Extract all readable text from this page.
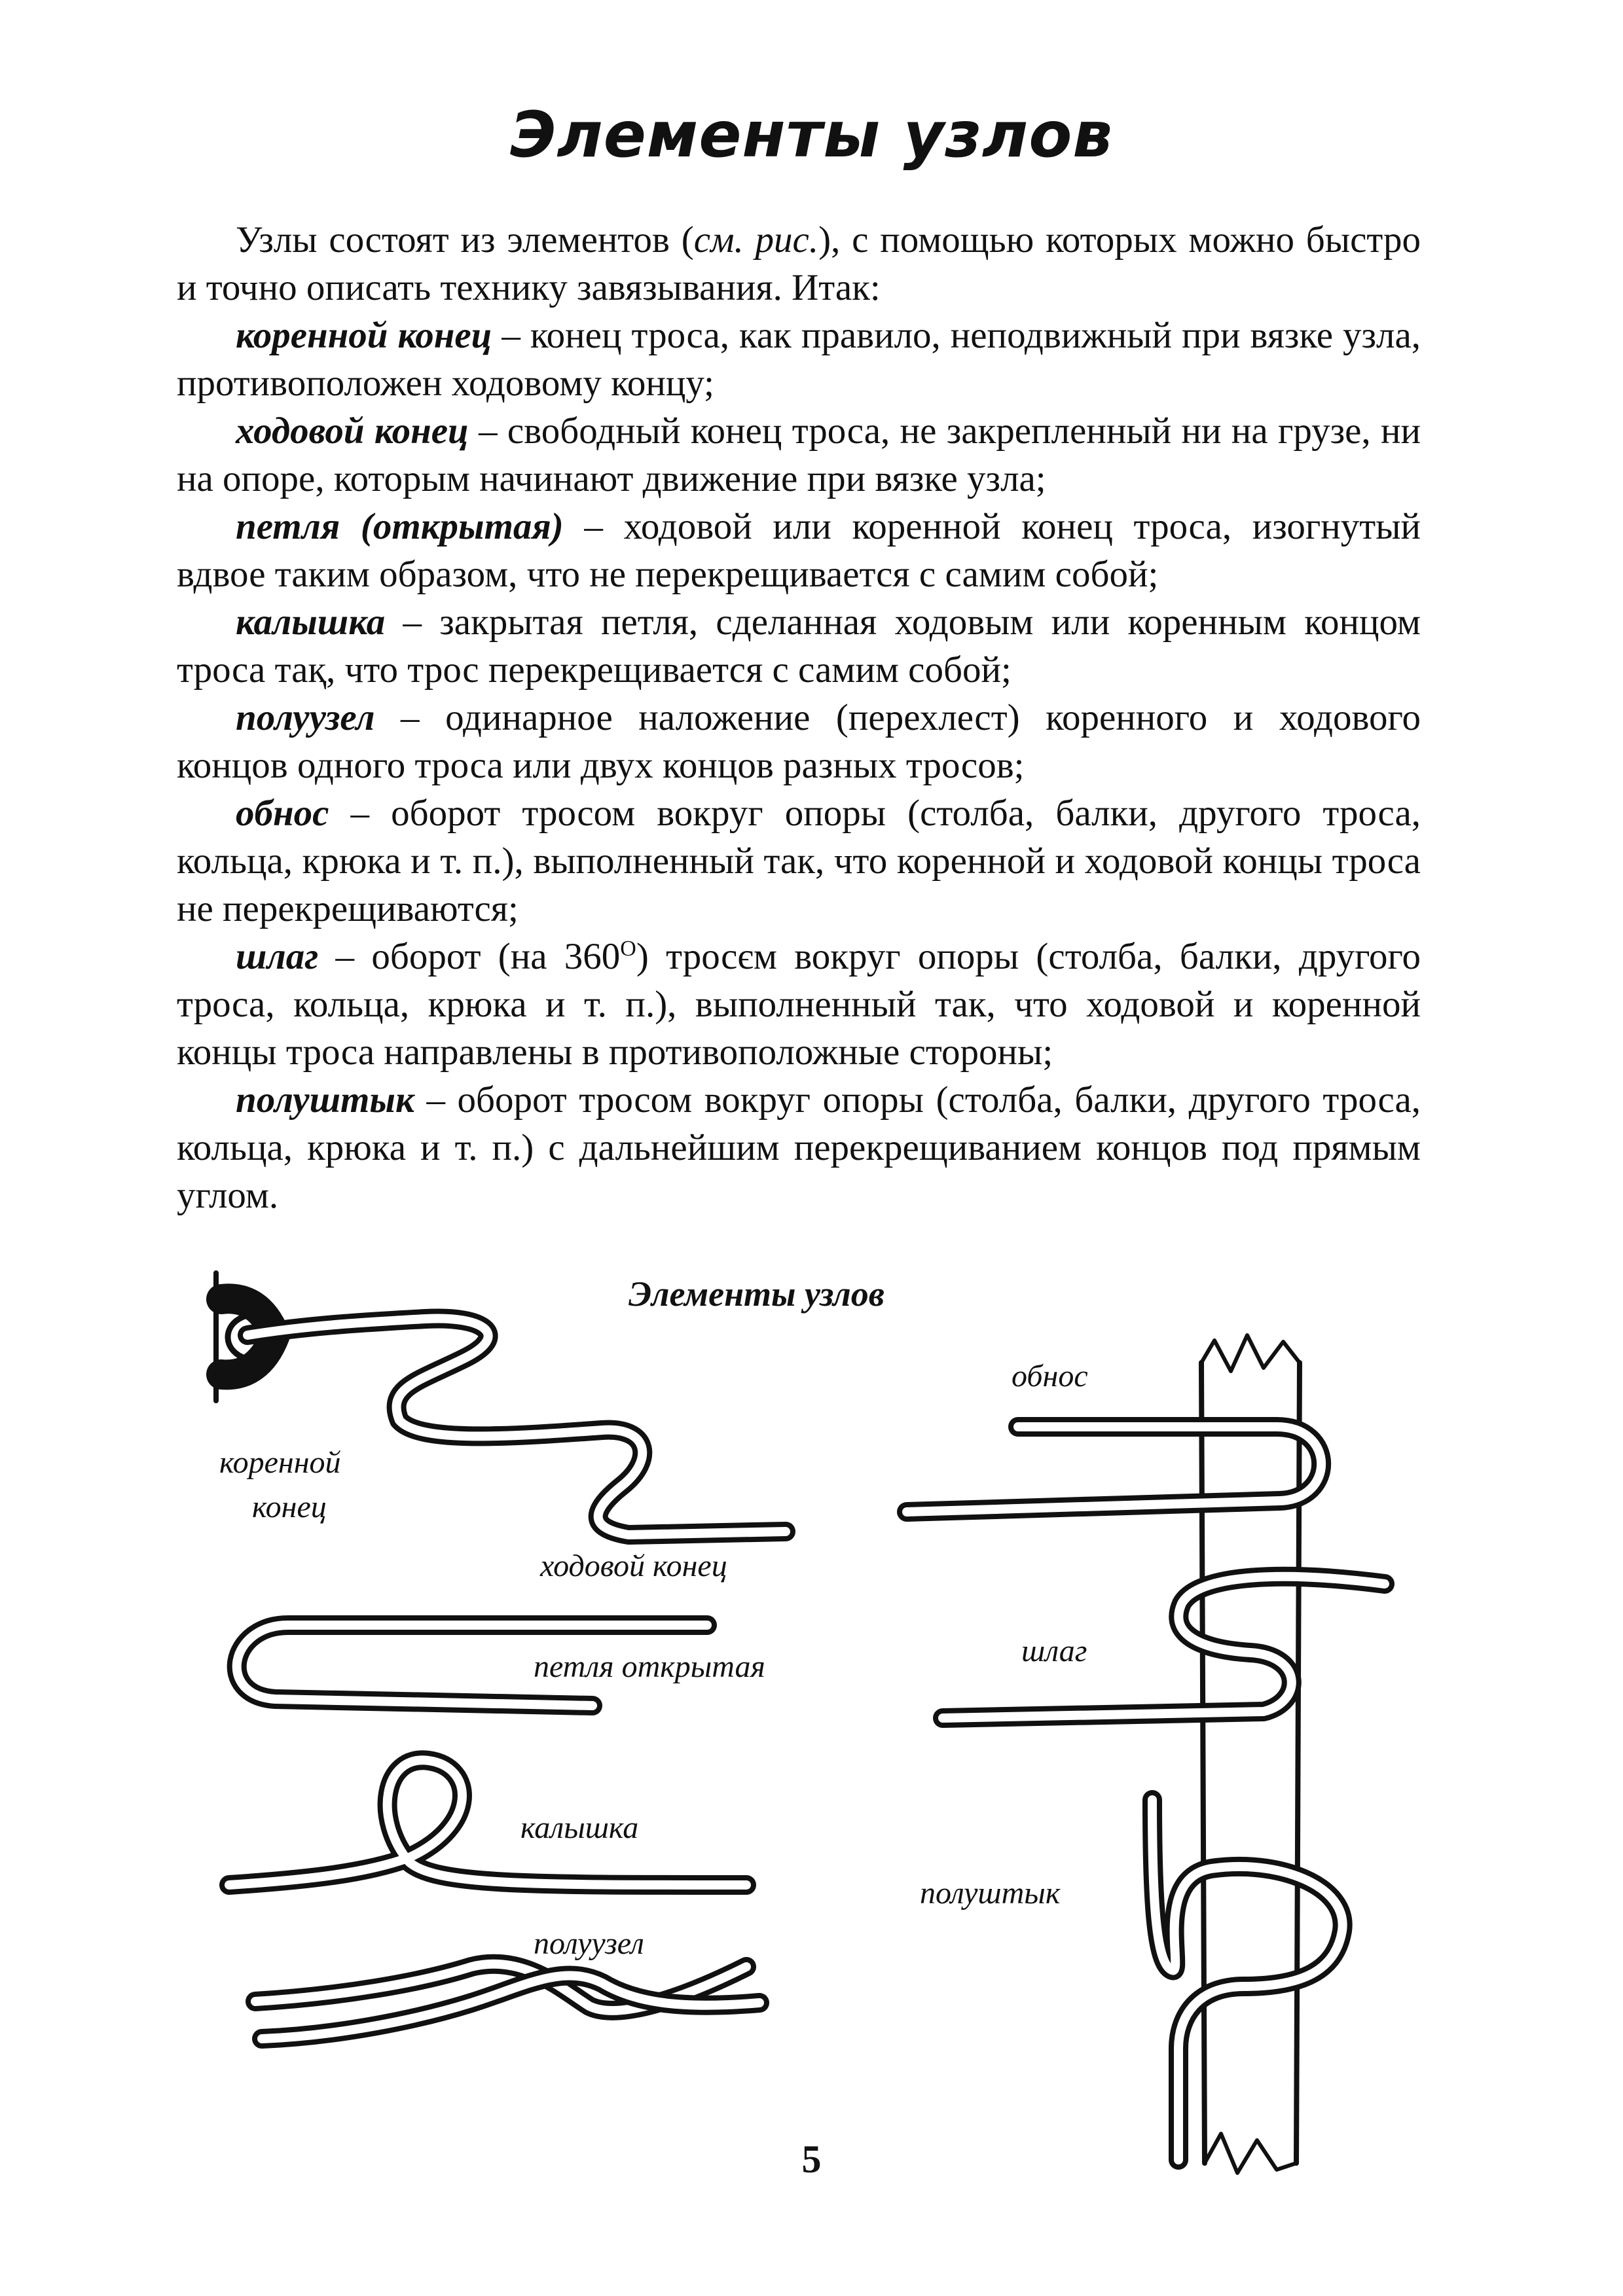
Элементы узлов

Узлы состоят из элементов (см. рис.), с помощью которых можно быстро и точно описать технику завязывания. Итак:

коренной конец – конец троса, как правило, неподвижный при вязке узла, противоположен ходовому концу;

ходовой конец – свободный конец троса, не закрепленный ни на грузе, ни на опоре, которым начинают движение при вязке узла;

петля (открытая) – ходовой или коренной конец троса, изогнутый вдвое таким образом, что не перекрещивается с самим собой;

калышка – закрытая петля, сделанная ходовым или коренным концом троса тақ, что трос перекрещивается с самим собой;

полуузел – одинарное наложение (перехлест) коренного и ходового концов одного троса или двух концов разных тросов;

обнос – оборот тросом вокруг опоры (столба, балки, другого троса, кольца, крюка и т. п.), выполненный так, что коренной и ходовой концы троса не перекрещиваются;

шлаг – оборот (на $360^O$) тросєм вокруг опоры (столба, балки, другого троса, кольца, крюка и т. п.), выполненный так, что ходовой и коренной концы троса направлены в противоположные стороны;

полуштык – оборот тросом вокруг опоры (столба, балки, другого троса, кольца, крюка и т. п.) с дальнейшим перекрещиванием концов под прямым углом.

Элементы узлов
коренной
конец
ходовой конец
петля открытая
калышка
полуузел
обнос
шлаг
полуштык
5
